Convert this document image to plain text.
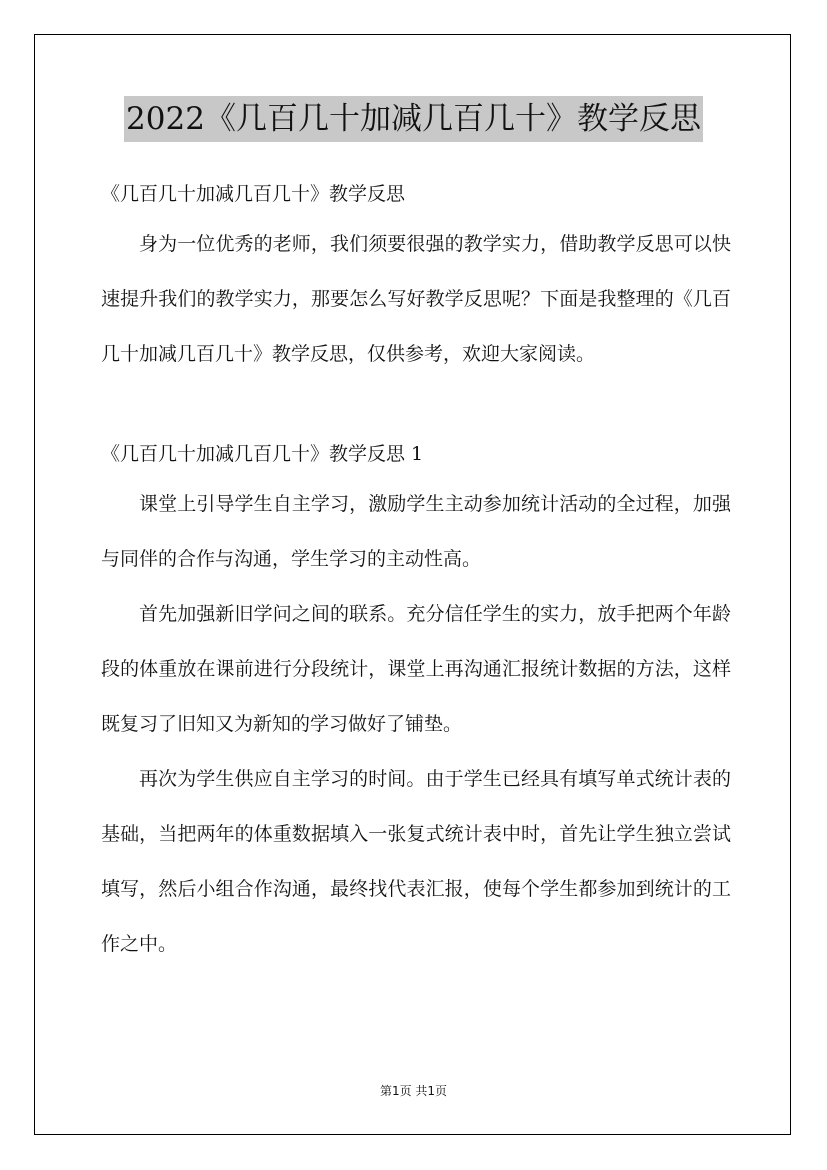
2022《几百几十加减几百几十》教学反思

《几百几十加减几百几十》教学反思

身为一位优秀的老师，我们须要很强的教学实力，借助教学反思可以快速提升我们的教学实力，那要怎么写好教学反思呢？下面是我整理的《几百几十加减几百几十》教学反思，仅供参考，欢迎大家阅读。

《几百几十加减几百几十》教学反思 1

课堂上引导学生自主学习，激励学生主动参加统计活动的全过程，加强与同伴的合作与沟通，学生学习的主动性高。

首先加强新旧学问之间的联系。充分信任学生的实力，放手把两个年龄段的体重放在课前进行分段统计，课堂上再沟通汇报统计数据的方法，这样既复习了旧知又为新知的学习做好了铺垫。

再次为学生供应自主学习的时间。由于学生已经具有填写单式统计表的基础，当把两年的体重数据填入一张复式统计表中时，首先让学生独立尝试填写，然后小组合作沟通，最终找代表汇报，使每个学生都参加到统计的工作之中。

第1页 共1页
